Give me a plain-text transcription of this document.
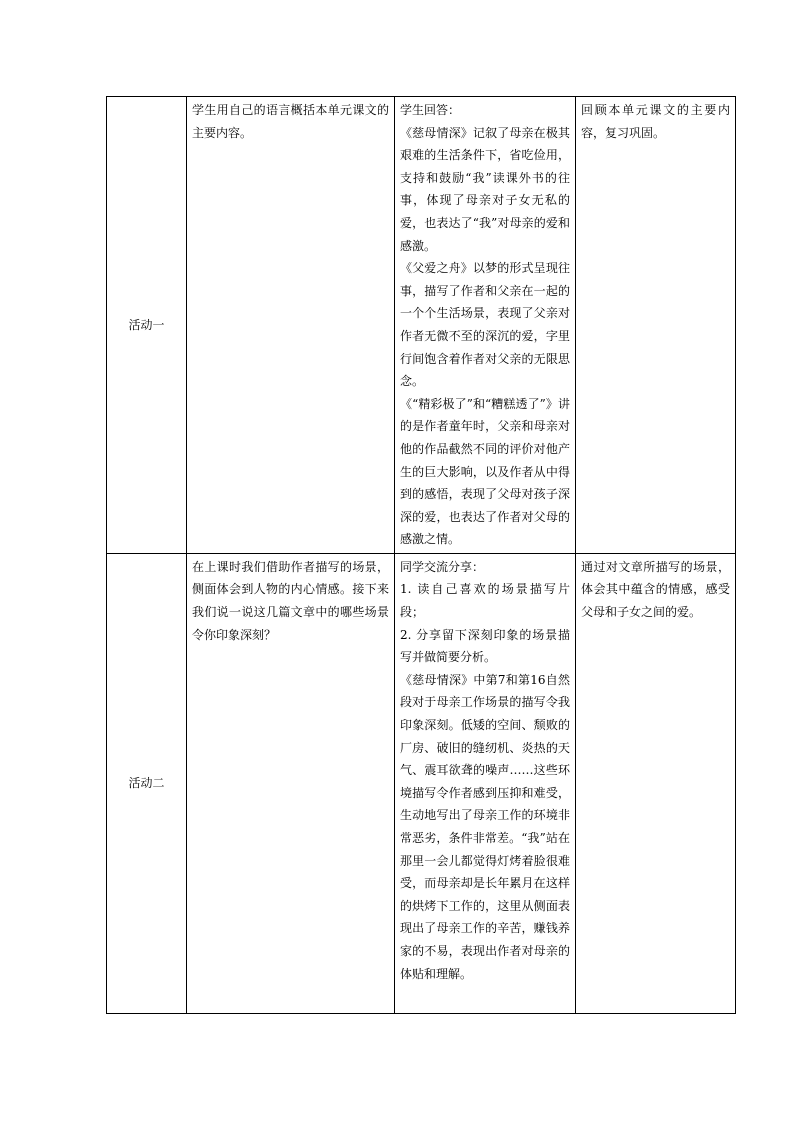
活动一	学生用自己的语言概括本单元课文的主要内容。	学生回答：
《慈母情深》记叙了母亲在极其艰难的生活条件下，省吃俭用，支持和鼓励“我”读课外书的往事，体现了母亲对子女无私的爱，也表达了“我”对母亲的爱和感激。
《父爱之舟》以梦的形式呈现往事，描写了作者和父亲在一起的一个个生活场景，表现了父亲对作者无微不至的深沉的爱，字里行间饱含着作者对父亲的无限思念。
《“精彩极了”和“糟糕透了”》讲的是作者童年时，父亲和母亲对他的作品截然不同的评价对他产生的巨大影响，以及作者从中得到的感悟，表现了父母对孩子深深的爱，也表达了作者对父母的感激之情。	回顾本单元课文的主要内容，复习巩固。
活动二	在上课时我们借助作者描写的场景，侧面体会到人物的内心情感。接下来我们说一说这几篇文章中的哪些场景令你印象深刻？	同学交流分享：
1. 读自己喜欢的场景描写片段；
2. 分享留下深刻印象的场景描写并做简要分析。
《慈母情深》中第7和第16自然段对于母亲工作场景的描写令我印象深刻。低矮的空间、颓败的厂房、破旧的缝纫机、炎热的天气、震耳欲聋的噪声……这些环境描写令作者感到压抑和难受，生动地写出了母亲工作的环境非常恶劣，条件非常差。“我”站在那里一会儿都觉得灯烤着脸很难受，而母亲却是长年累月在这样的烘烤下工作的，这里从侧面表现出了母亲工作的辛苦，赚钱养家的不易，表现出作者对母亲的体贴和理解。	通过对文章所描写的场景，体会其中蕴含的情感，感受父母和子女之间的爱。
